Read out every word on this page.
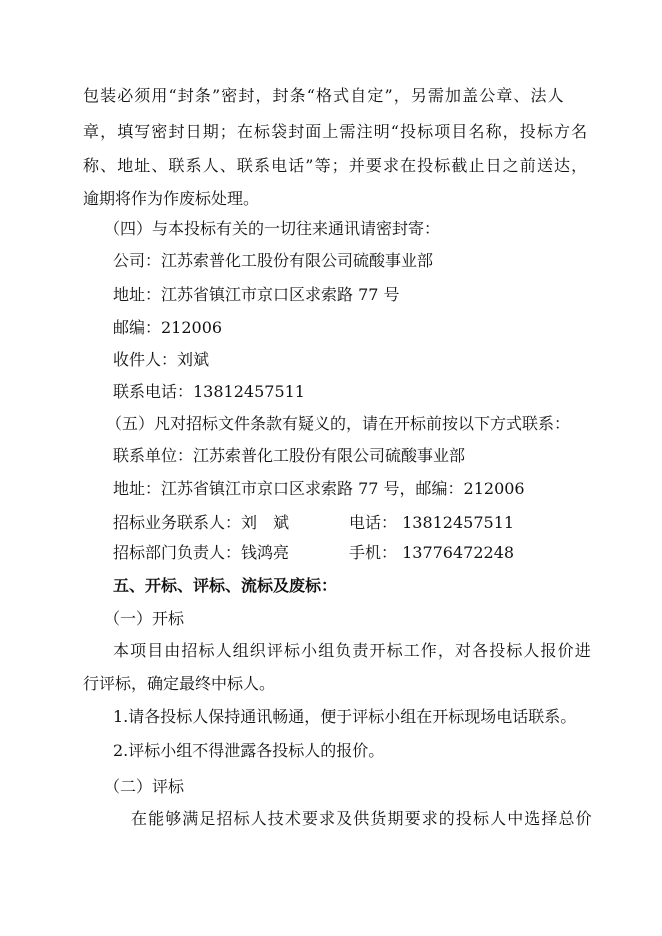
包装必须用“封条”密封，封条“格式自定”，另需加盖公章、法人
章，填写密封日期；在标袋封面上需注明“投标项目名称，投标方名
称、地址、联系人、联系电话”等；并要求在投标截止日之前送达，
逾期将作为作废标处理。
（四）与本投标有关的一切往来通讯请密封寄：
公司：江苏索普化工股份有限公司硫酸事业部
地址：江苏省镇江市京口区求索路 77 号
邮编：212006
收件人：刘斌
联系电话：13812457511
（五）凡对招标文件条款有疑义的，请在开标前按以下方式联系：
联系单位：江苏索普化工股份有限公司硫酸事业部
地址：江苏省镇江市京口区求索路 77 号，邮编：212006
招标业务联系人：刘　斌	电话： 13812457511
招标部门负责人：钱鸿亮	手机： 13776472248
五、开标、评标、流标及废标：
（一）开标
本项目由招标人组织评标小组负责开标工作，对各投标人报价进
行评标，确定最终中标人。
1.请各投标人保持通讯畅通，便于评标小组在开标现场电话联系。
2.评标小组不得泄露各投标人的报价。
（二）评标
在能够满足招标人技术要求及供货期要求的投标人中选择总价
